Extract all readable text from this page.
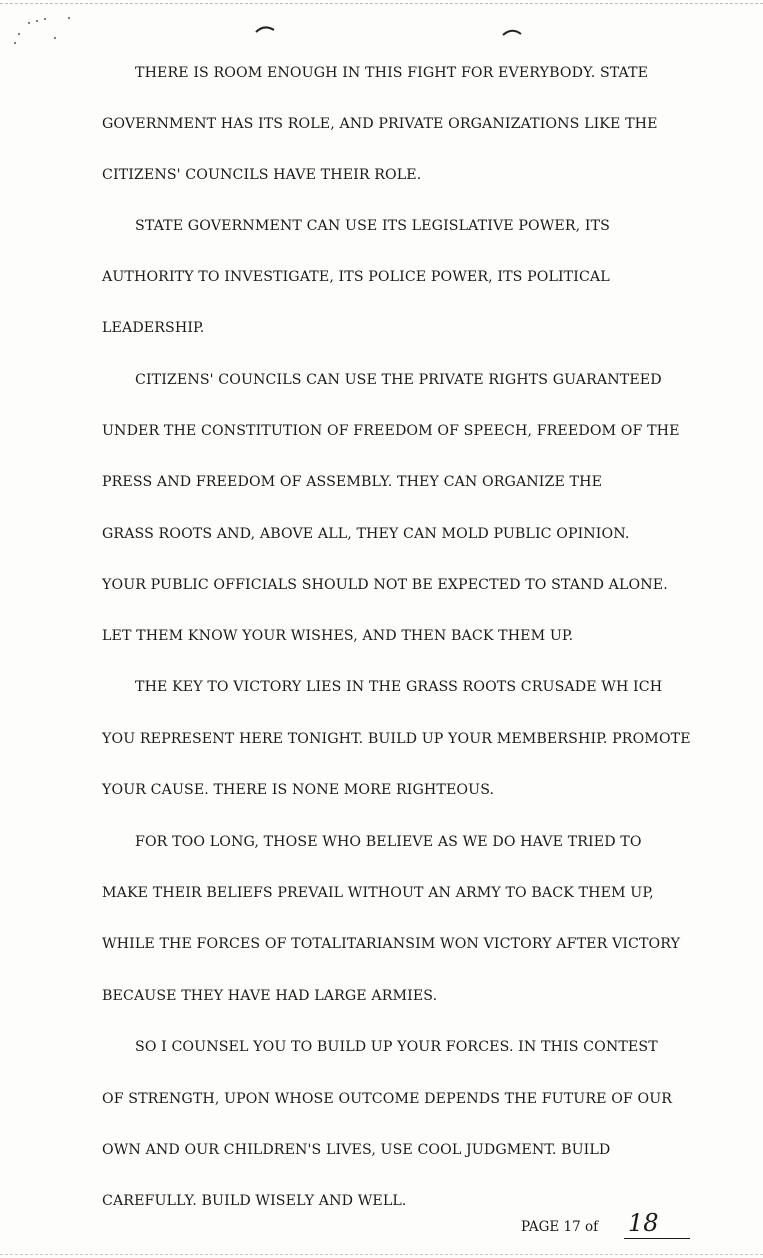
THERE IS ROOM ENOUGH IN THIS FIGHT FOR EVERYBODY. STATE

GOVERNMENT HAS ITS ROLE, AND PRIVATE ORGANIZATIONS LIKE THE

CITIZENS' COUNCILS HAVE THEIR ROLE.

STATE GOVERNMENT CAN USE ITS LEGISLATIVE POWER, ITS

AUTHORITY TO INVESTIGATE, ITS POLICE POWER, ITS POLITICAL

LEADERSHIP.

CITIZENS' COUNCILS CAN USE THE PRIVATE RIGHTS GUARANTEED

UNDER THE CONSTITUTION OF FREEDOM OF SPEECH, FREEDOM OF THE

PRESS AND FREEDOM OF ASSEMBLY. THEY CAN ORGANIZE THE

GRASS ROOTS AND, ABOVE ALL, THEY CAN MOLD PUBLIC OPINION.

YOUR PUBLIC OFFICIALS SHOULD NOT BE EXPECTED TO STAND ALONE.

LET THEM KNOW YOUR WISHES, AND THEN BACK THEM UP.

THE KEY TO VICTORY LIES IN THE GRASS ROOTS CRUSADE WH ICH

YOU REPRESENT HERE TONIGHT. BUILD UP YOUR MEMBERSHIP. PROMOTE

YOUR CAUSE. THERE IS NONE MORE RIGHTEOUS.

FOR TOO LONG, THOSE WHO BELIEVE AS WE DO HAVE TRIED TO

MAKE THEIR BELIEFS PREVAIL WITHOUT AN ARMY TO BACK THEM UP,

WHILE THE FORCES OF TOTALITARIANSIM WON VICTORY AFTER VICTORY

BECAUSE THEY HAVE HAD LARGE ARMIES.

SO I COUNSEL YOU TO BUILD UP YOUR FORCES. IN THIS CONTEST

OF STRENGTH, UPON WHOSE OUTCOME DEPENDS THE FUTURE OF OUR

OWN AND OUR CHILDREN'S LIVES, USE COOL JUDGMENT. BUILD

CAREFULLY. BUILD WISELY AND WELL.

PAGE 17 of 18
